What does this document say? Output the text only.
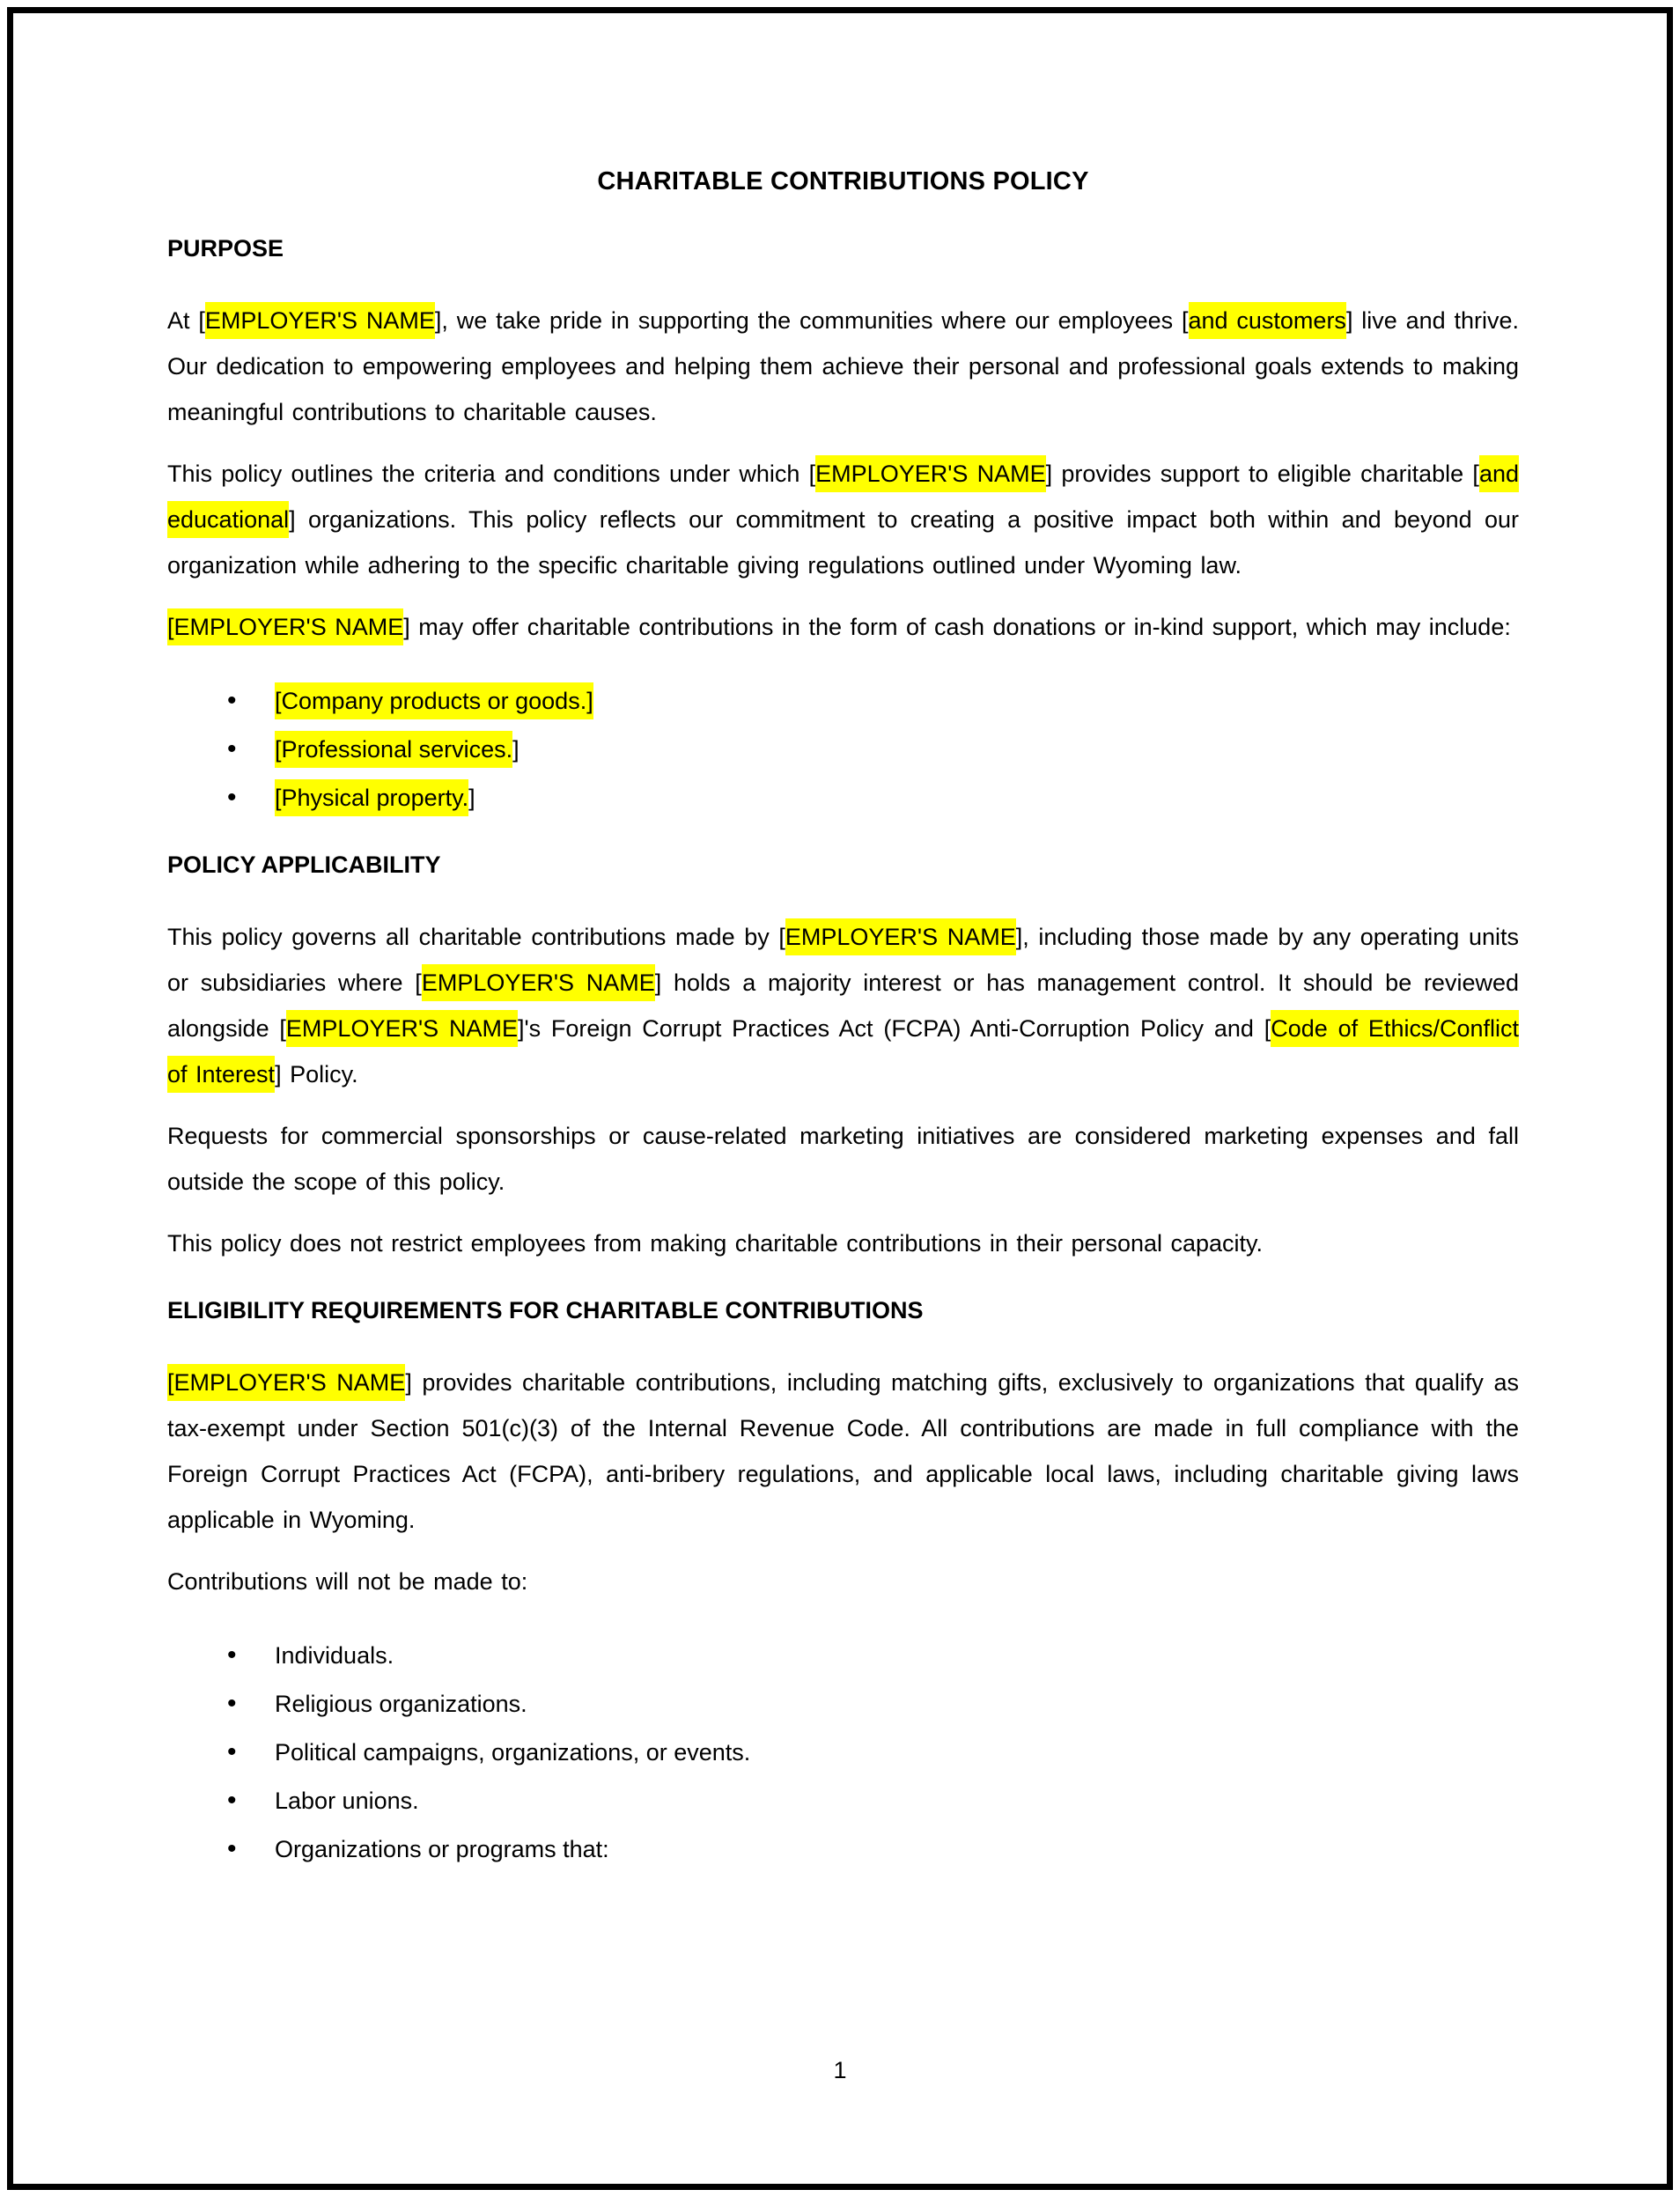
CHARITABLE CONTRIBUTIONS POLICY
PURPOSE

At [EMPLOYER'S NAME], we take pride in supporting the communities where our employees [and customers] live and thrive. Our dedication to empowering employees and helping them achieve their personal and professional goals extends to making meaningful contributions to charitable causes.

This policy outlines the criteria and conditions under which [EMPLOYER'S NAME] provides support to eligible charitable [and educational] organizations. This policy reflects our commitment to creating a positive impact both within and beyond our organization while adhering to the specific charitable giving regulations outlined under Wyoming law.

[EMPLOYER'S NAME] may offer charitable contributions in the form of cash donations or in-kind support, which may include:

• [Company products or goods.]
• [Professional services.]
• [Physical property.]
POLICY APPLICABILITY

This policy governs all charitable contributions made by [EMPLOYER'S NAME], including those made by any operating units or subsidiaries where [EMPLOYER'S NAME] holds a majority interest or has management control. It should be reviewed alongside [EMPLOYER'S NAME]'s Foreign Corrupt Practices Act (FCPA) Anti-Corruption Policy and [Code of Ethics/Conflict of Interest] Policy.

Requests for commercial sponsorships or cause-related marketing initiatives are considered marketing expenses and fall outside the scope of this policy.

This policy does not restrict employees from making charitable contributions in their personal capacity.

ELIGIBILITY REQUIREMENTS FOR CHARITABLE CONTRIBUTIONS

[EMPLOYER'S NAME] provides charitable contributions, including matching gifts, exclusively to organizations that qualify as tax-exempt under Section 501(c)(3) of the Internal Revenue Code. All contributions are made in full compliance with the Foreign Corrupt Practices Act (FCPA), anti-bribery regulations, and applicable local laws, including charitable giving laws applicable in Wyoming.

Contributions will not be made to:

• Individuals.
• Religious organizations.
• Political campaigns, organizations, or events.
• Labor unions.
• Organizations or programs that:
1
